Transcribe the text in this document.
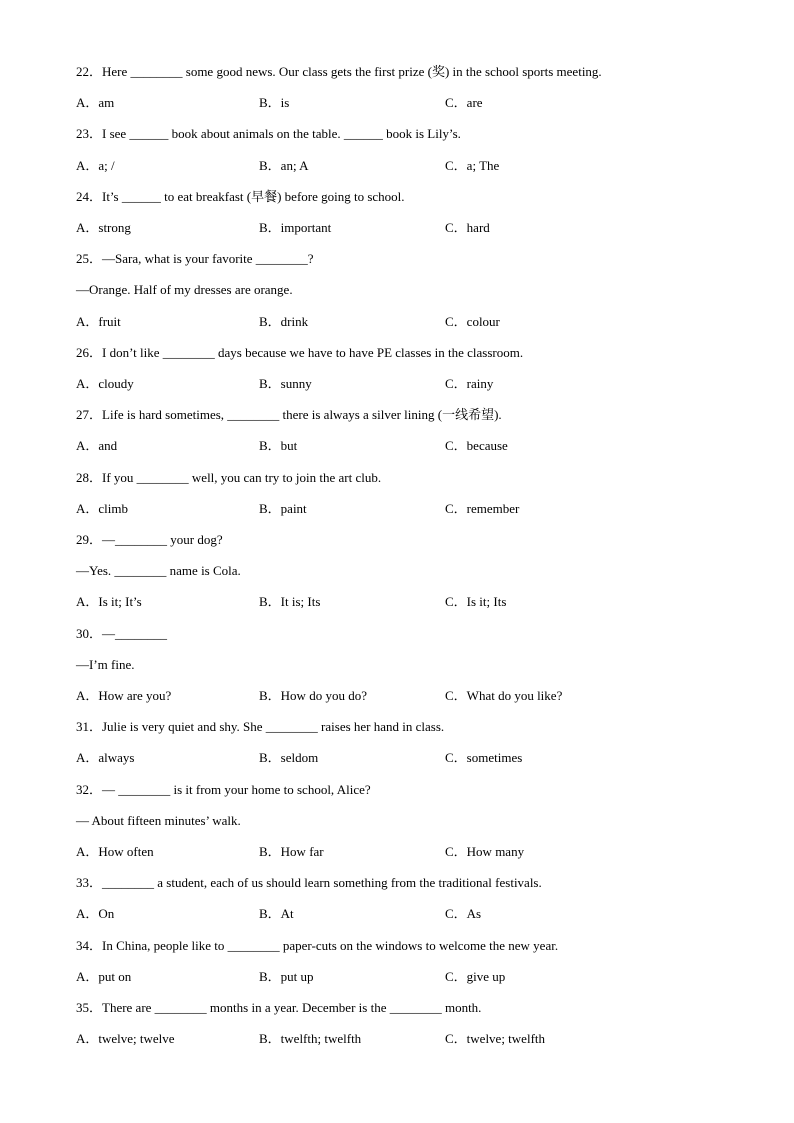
22．Here ________ some good news. Our class gets the first prize (奖) in the school sports meeting.
A．am	B．is	C．are
23．I see ______ book about animals on the table. ______ book is Lily’s.
A．a; /	B．an; A	C．a; The
24．It’s ______ to eat breakfast (早餐) before going to school.
A．strong	B．important	C．hard
25．—Sara, what is your favorite ________?
—Orange. Half of my dresses are orange.
A．fruit	B．drink	C．colour
26．I don’t like ________ days because we have to have PE classes in the classroom.
A．cloudy	B．sunny	C．rainy
27．Life is hard sometimes, ________ there is always a silver lining (一线希望).
A．and	B．but	C．because
28．If you ________ well, you can try to join the art club.
A．climb	B．paint	C．remember
29．—________ your dog?
—Yes. ________ name is Cola.
A．Is it; It’s	B．It is; Its	C．Is it; Its
30．—________
—I’m fine.
A．How are you?	B．How do you do?	C．What do you like?
31．Julie is very quiet and shy. She ________ raises her hand in class.
A．always	B．seldom	C．sometimes
32．— ________ is it from your home to school, Alice?
— About fifteen minutes’ walk.
A．How often	B．How far	C．How many
33．________ a student, each of us should learn something from the traditional festivals.
A．On	B．At	C．As
34．In China, people like to ________ paper-cuts on the windows to welcome the new year.
A．put on	B．put up	C．give up
35．There are ________ months in a year. December is the ________ month.
A．twelve; twelve	B．twelfth; twelfth	C．twelve; twelfth
